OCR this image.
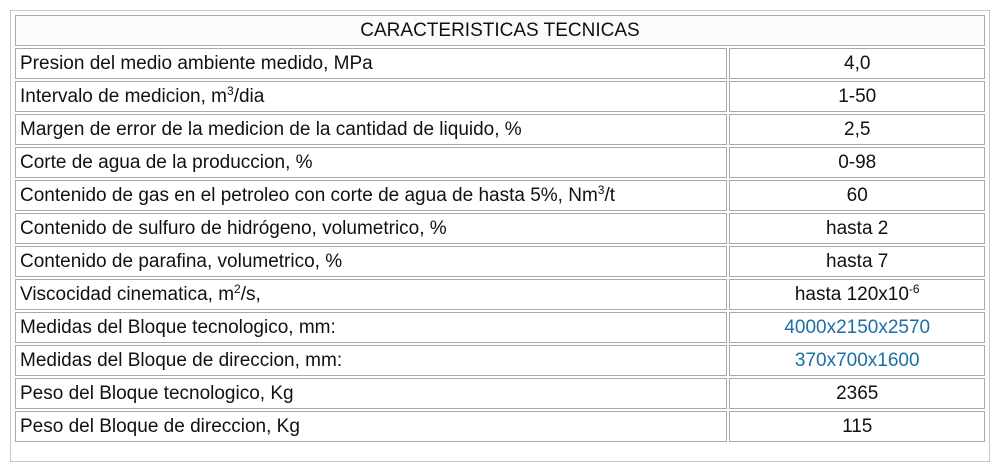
CARACTERISTICAS TECNICAS	
Presion del medio ambiente medido, MPa	4,0
Intervalo de medicion, $m^3$/dia	1-50
Margen de error de la medicion de la cantidad de liquido, %	2,5
Corte de agua de la produccion, %	0-98
Contenido de gas en el petroleo con corte de agua de hasta 5%, Nm$^3$/t	60
Contenido de sulfuro de hidrógeno, volumetrico, %	hasta 2
Contenido de parafina, volumetrico, %	hasta 7
Viscocidad cinematica, $m^2/s$,	hasta $120x10^{-6}$
Medidas del Bloque tecnologico, mm:	4000x2150x2570
Medidas del Bloque de direccion, mm:	370x700x1600
Peso del Bloque tecnologico, Kg	2365
Peso del Bloque de direccion, Kg	115
